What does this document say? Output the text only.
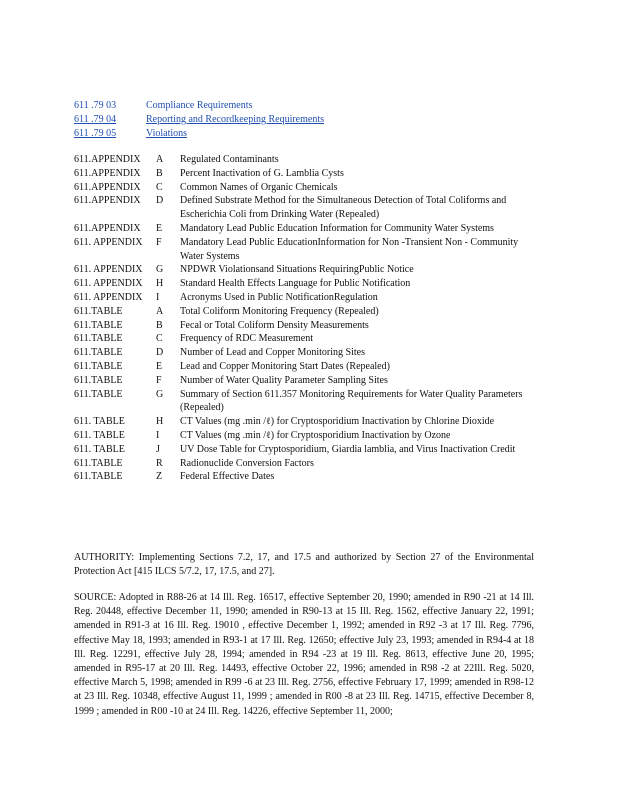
611 .79 03	Compliance Requirements
611 .79 04	Reporting and Recordkeeping Requirements
611 .79 05	Violations
611.APPENDIX	A	Regulated Contaminants
611.APPENDIX	B	Percent Inactivation of G. Lamblia Cysts
611.APPENDIX	C	Common Names of Organic Chemicals
611.APPENDIX	D	Defined Substrate Method for the Simultaneous Detection of Total Coliforms and Escherichia Coli from Drinking Water (Repealed)
611.APPENDIX	E	Mandatory Lead Public Education Information for Community Water Systems
611. APPENDIX	F	Mandatory Lead Public EducationInformation for Non -Transient Non - Community Water Systems
611. APPENDIX	G	NPDWR Violationsand Situations RequiringPublic Notice
611. APPENDIX	H	Standard Health Effects Language for Public Notification
611. APPENDIX	I	Acronyms Used in Public NotificationRegulation
611.TABLE	A	Total Coliform Monitoring Frequency (Repealed)
611.TABLE	B	Fecal or Total Coliform Density Measurements
611.TABLE	C	Frequency of RDC Measurement
611.TABLE	D	Number of Lead and Copper Monitoring Sites
611.TABLE	E	Lead and Copper Monitoring Start Dates (Repealed)
611.TABLE	F	Number of Water Quality Parameter Sampling Sites
611.TABLE	G	Summary of Section 611.357 Monitoring Requirements for Water Quality Parameters (Repealed)
611. TABLE	H	CT Values (mg .min /ℓ) for Cryptosporidium Inactivation by Chlorine Dioxide
611. TABLE	I	CT Values (mg .min /ℓ) for Cryptosporidium Inactivation by Ozone
611. TABLE	J	UV Dose Table for Cryptosporidium, Giardia lamblia, and Virus Inactivation Credit
611.TABLE	R	Radionuclide Conversion Factors
611.TABLE	Z	Federal Effective Dates

AUTHORITY: Implementing Sections 7.2, 17, and 17.5 and authorized by Section 27 of the Environmental Protection Act [415 ILCS 5/7.2, 17, 17.5, and 27].

SOURCE: Adopted in R88-26 at 14 Ill. Reg. 16517, effective September 20, 1990; amended in R90 -21 at 14 Ill. Reg. 20448, effective December 11, 1990; amended in R90-13 at 15 Ill. Reg. 1562, effective January 22, 1991; amended in R91-3 at 16 Ill. Reg. 19010 , effective December 1, 1992; amended in R92 -3 at 17 Ill. Reg. 7796, effective May 18, 1993; amended in R93-1 at 17 Ill. Reg. 12650; effective July 23, 1993; amended in R94-4 at 18 Ill. Reg. 12291, effective July 28, 1994; amended in R94 -23 at 19 Ill. Reg. 8613, effective June 20, 1995; amended in R95-17 at 20 Ill. Reg. 14493, effective October 22, 1996; amended in R98 -2 at 22Ill. Reg. 5020, effective March 5, 1998; amended in R99 -6 at 23 Ill. Reg. 2756, effective February 17, 1999; amended in R98-12 at 23 Ill. Reg. 10348, effective August 11, 1999 ; amended in R00 -8 at 23 Ill. Reg. 14715, effective December 8, 1999 ; amended in R00 -10 at 24 Ill. Reg. 14226, effective September 11, 2000;
